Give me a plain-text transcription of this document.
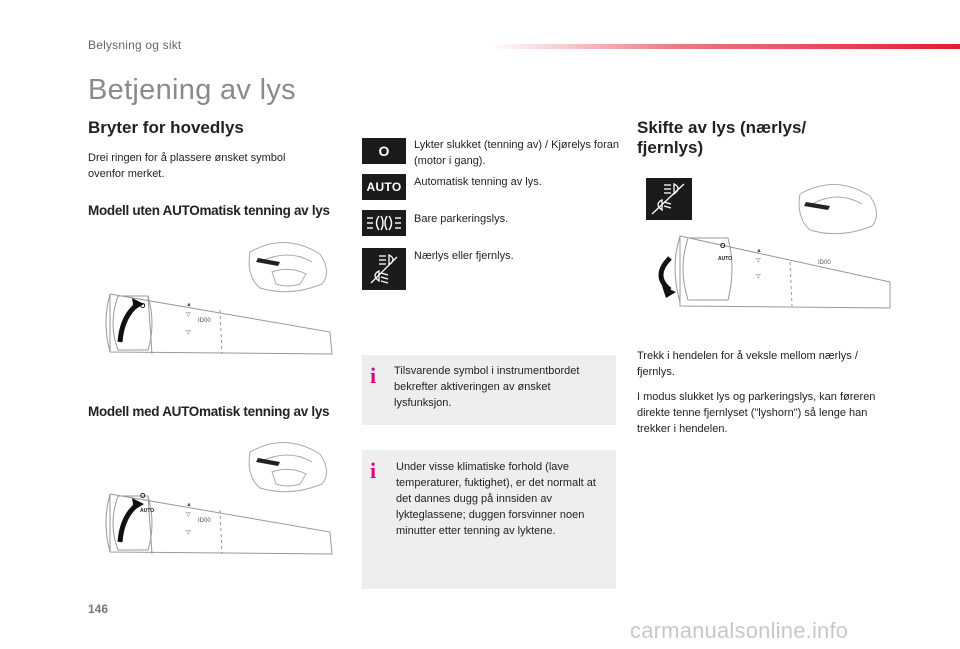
Belysning og sikt
Betjening av lys
Bryter for hovedlys
Drei ringen for å plassere ønsket symbol ovenfor merket.
Modell uten AUTOmatisk tenning av lys
▲
▽
▽
ID00
O
Modell med AUTOmatisk tenning av lys
▲
▽
▽
ID00
O
AUTO
O Lykter slukket (tenning av) / Kjørelys foran (motor i gang).
AUTO Automatisk tenning av lys.
Bare parkeringslys.
Nærlys eller fjernlys.
i Tilsvarende symbol i instrumentbordet bekrefter aktiveringen av ønsket lysfunksjon.
i Under visse klimatiske forhold (lave temperaturer, fuktighet), er det normalt at det dannes dugg på innsiden av lykteglassene; duggen forsvinner noen minutter etter tenning av lyktene.
Skifte av lys (nærlys/ fjernlys)
▲
▽
▽
ID00
O
AUTO
Trekk i hendelen for å veksle mellom nærlys / fjernlys.
I modus slukket lys og parkeringslys, kan føreren direkte tenne fjernlyset ("lyshorn") så lenge han trekker i hendelen.
146
carmanualsonline.info
